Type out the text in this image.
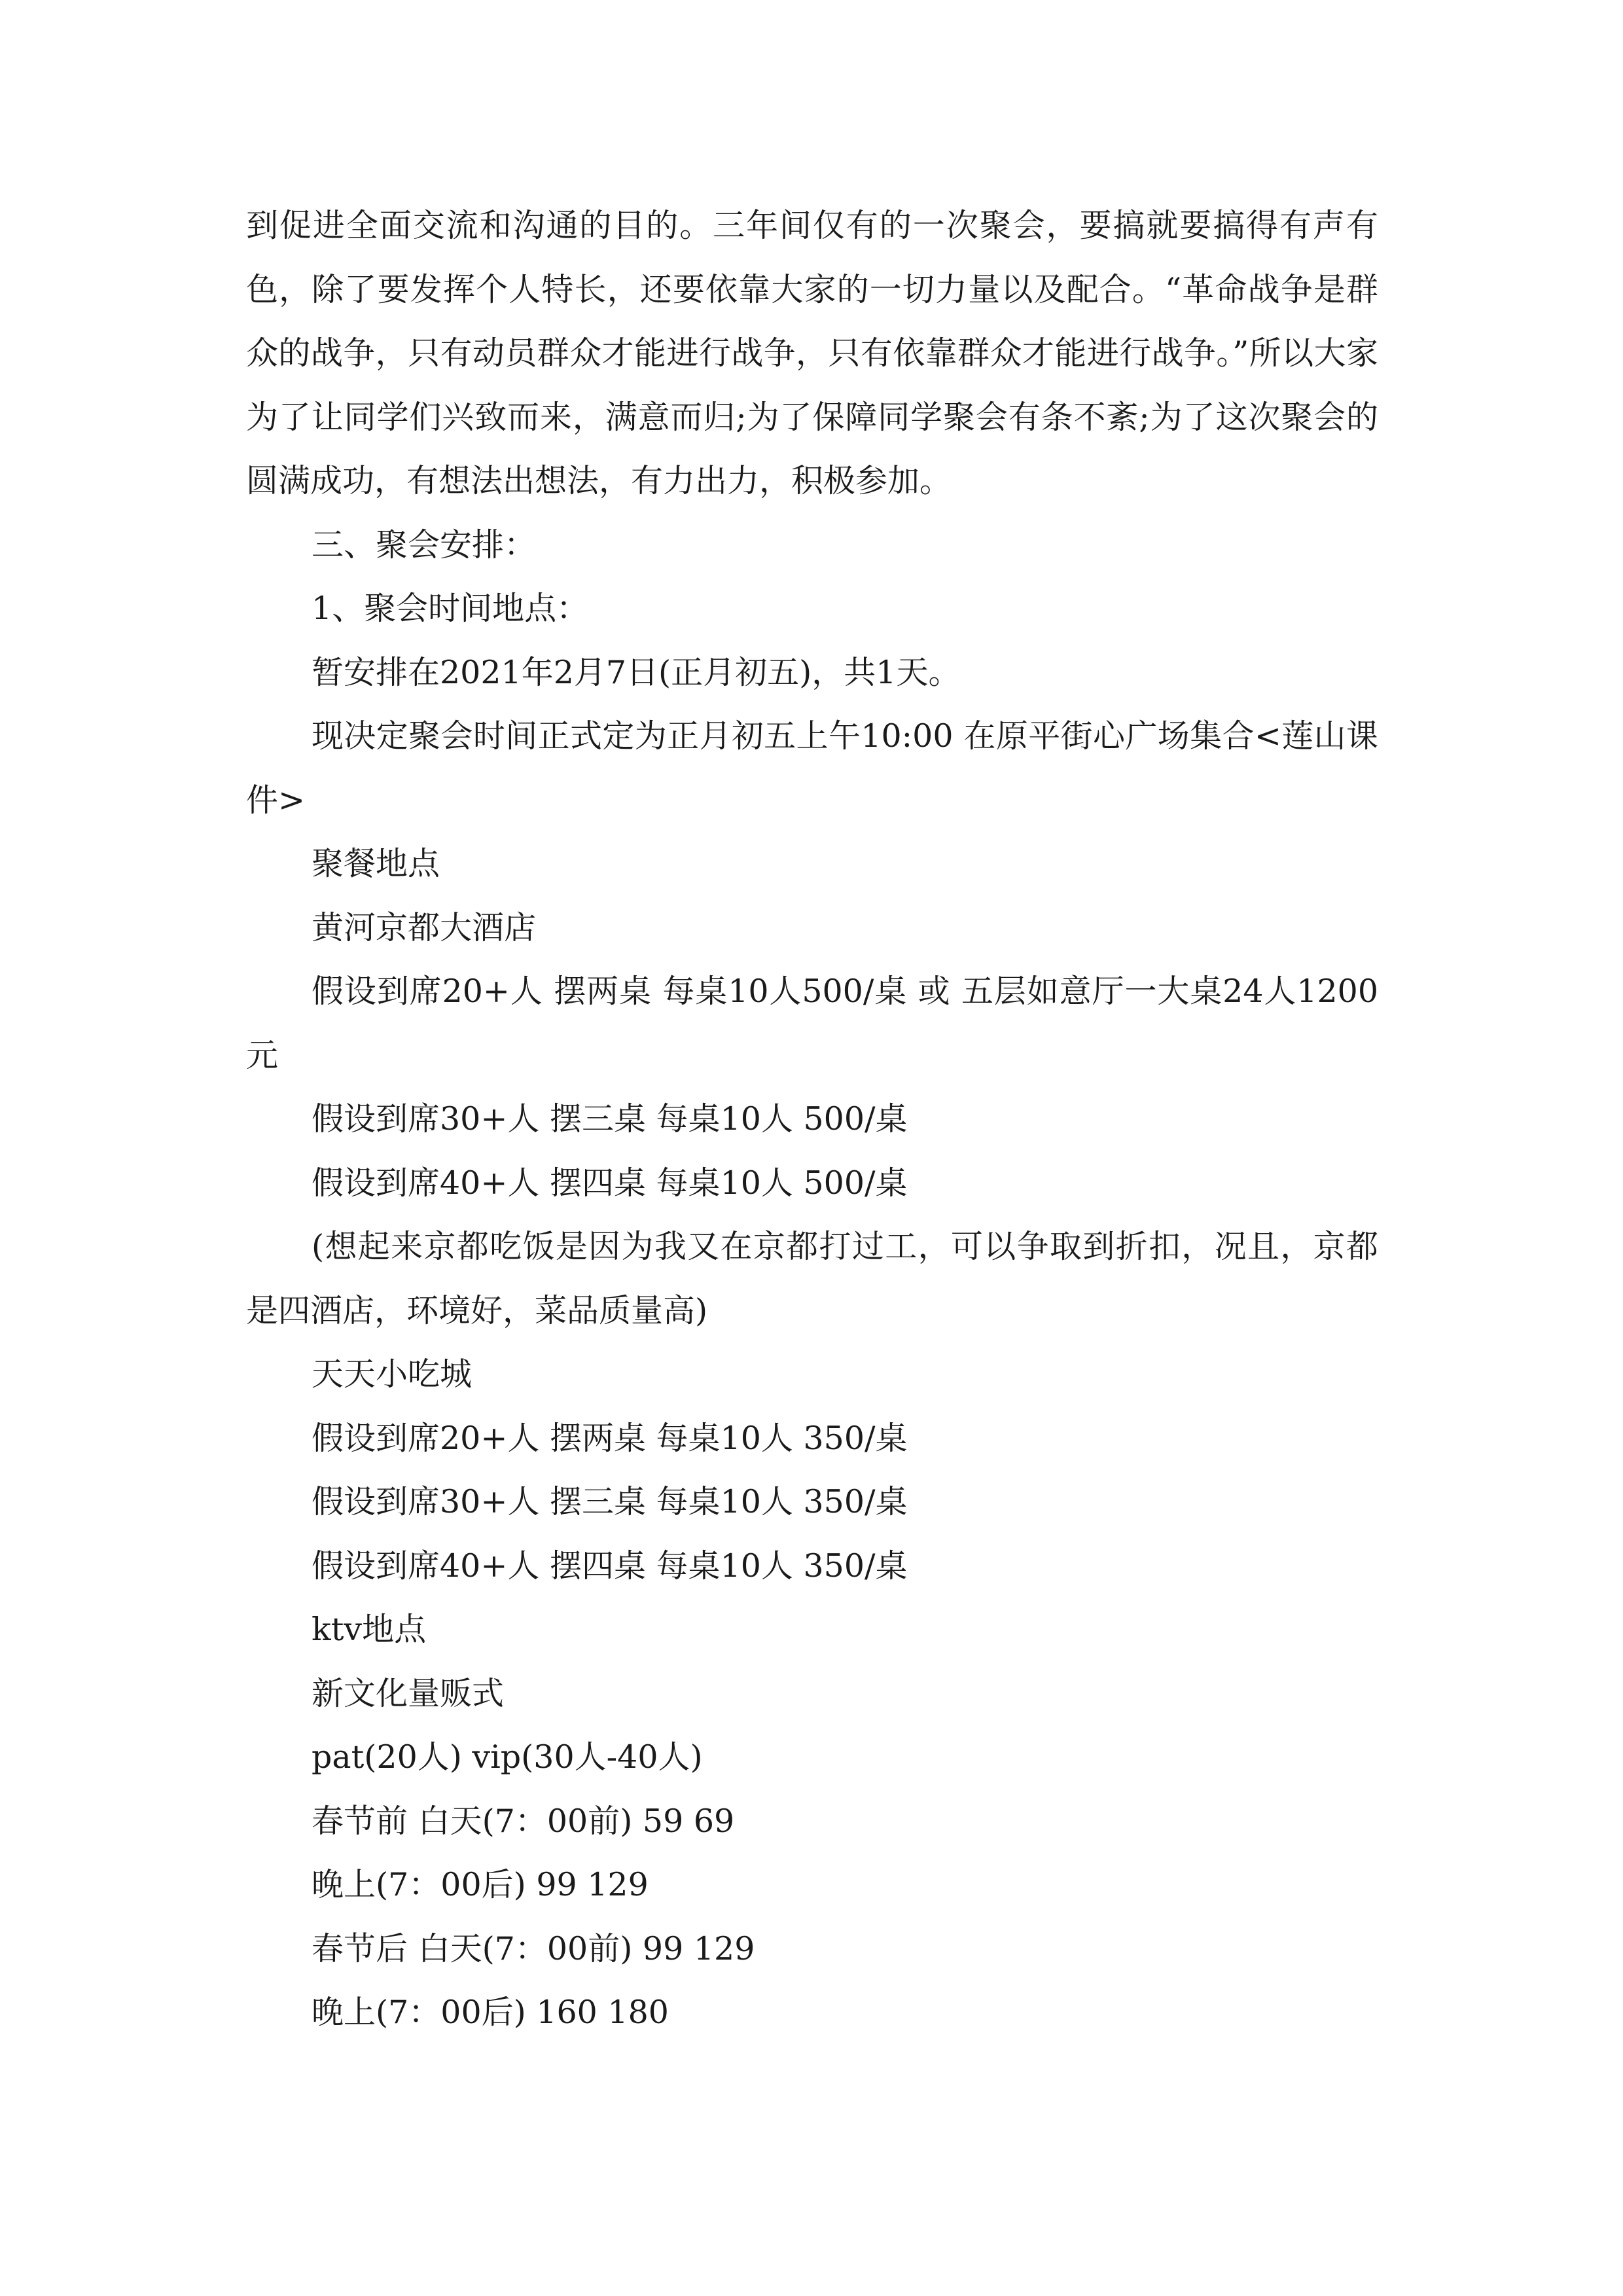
到促进全面交流和沟通的目的。三年间仅有的一次聚会，要搞就要搞得有声有色，除了要发挥个人特长，还要依靠大家的一切力量以及配合。“革命战争是群众的战争，只有动员群众才能进行战争，只有依靠群众才能进行战争。”所以大家为了让同学们兴致而来，满意而归;为了保障同学聚会有条不紊;为了这次聚会的圆满成功，有想法出想法，有力出力，积极参加。

三、聚会安排：

1、聚会时间地点：

暂安排在2021年2月7日(正月初五)，共1天。

现决定聚会时间正式定为正月初五上午10:00 在原平街心广场集合<莲山课件>

聚餐地点

黄河京都大酒店

假设到席20+人 摆两桌 每桌10人500/桌 或 五层如意厅一大桌24人1200元

假设到席30+人 摆三桌 每桌10人 500/桌

假设到席40+人 摆四桌 每桌10人 500/桌

(想起来京都吃饭是因为我又在京都打过工，可以争取到折扣，况且，京都是四酒店，环境好，菜品质量高)

天天小吃城

假设到席20+人 摆两桌 每桌10人 350/桌

假设到席30+人 摆三桌 每桌10人 350/桌

假设到席40+人 摆四桌 每桌10人 350/桌

ktv地点

新文化量贩式

pat(20人) vip(30人-40人)

春节前 白天(7：00前) 59 69

晚上(7：00后) 99 129

春节后 白天(7：00前) 99 129

晚上(7：00后) 160 180
